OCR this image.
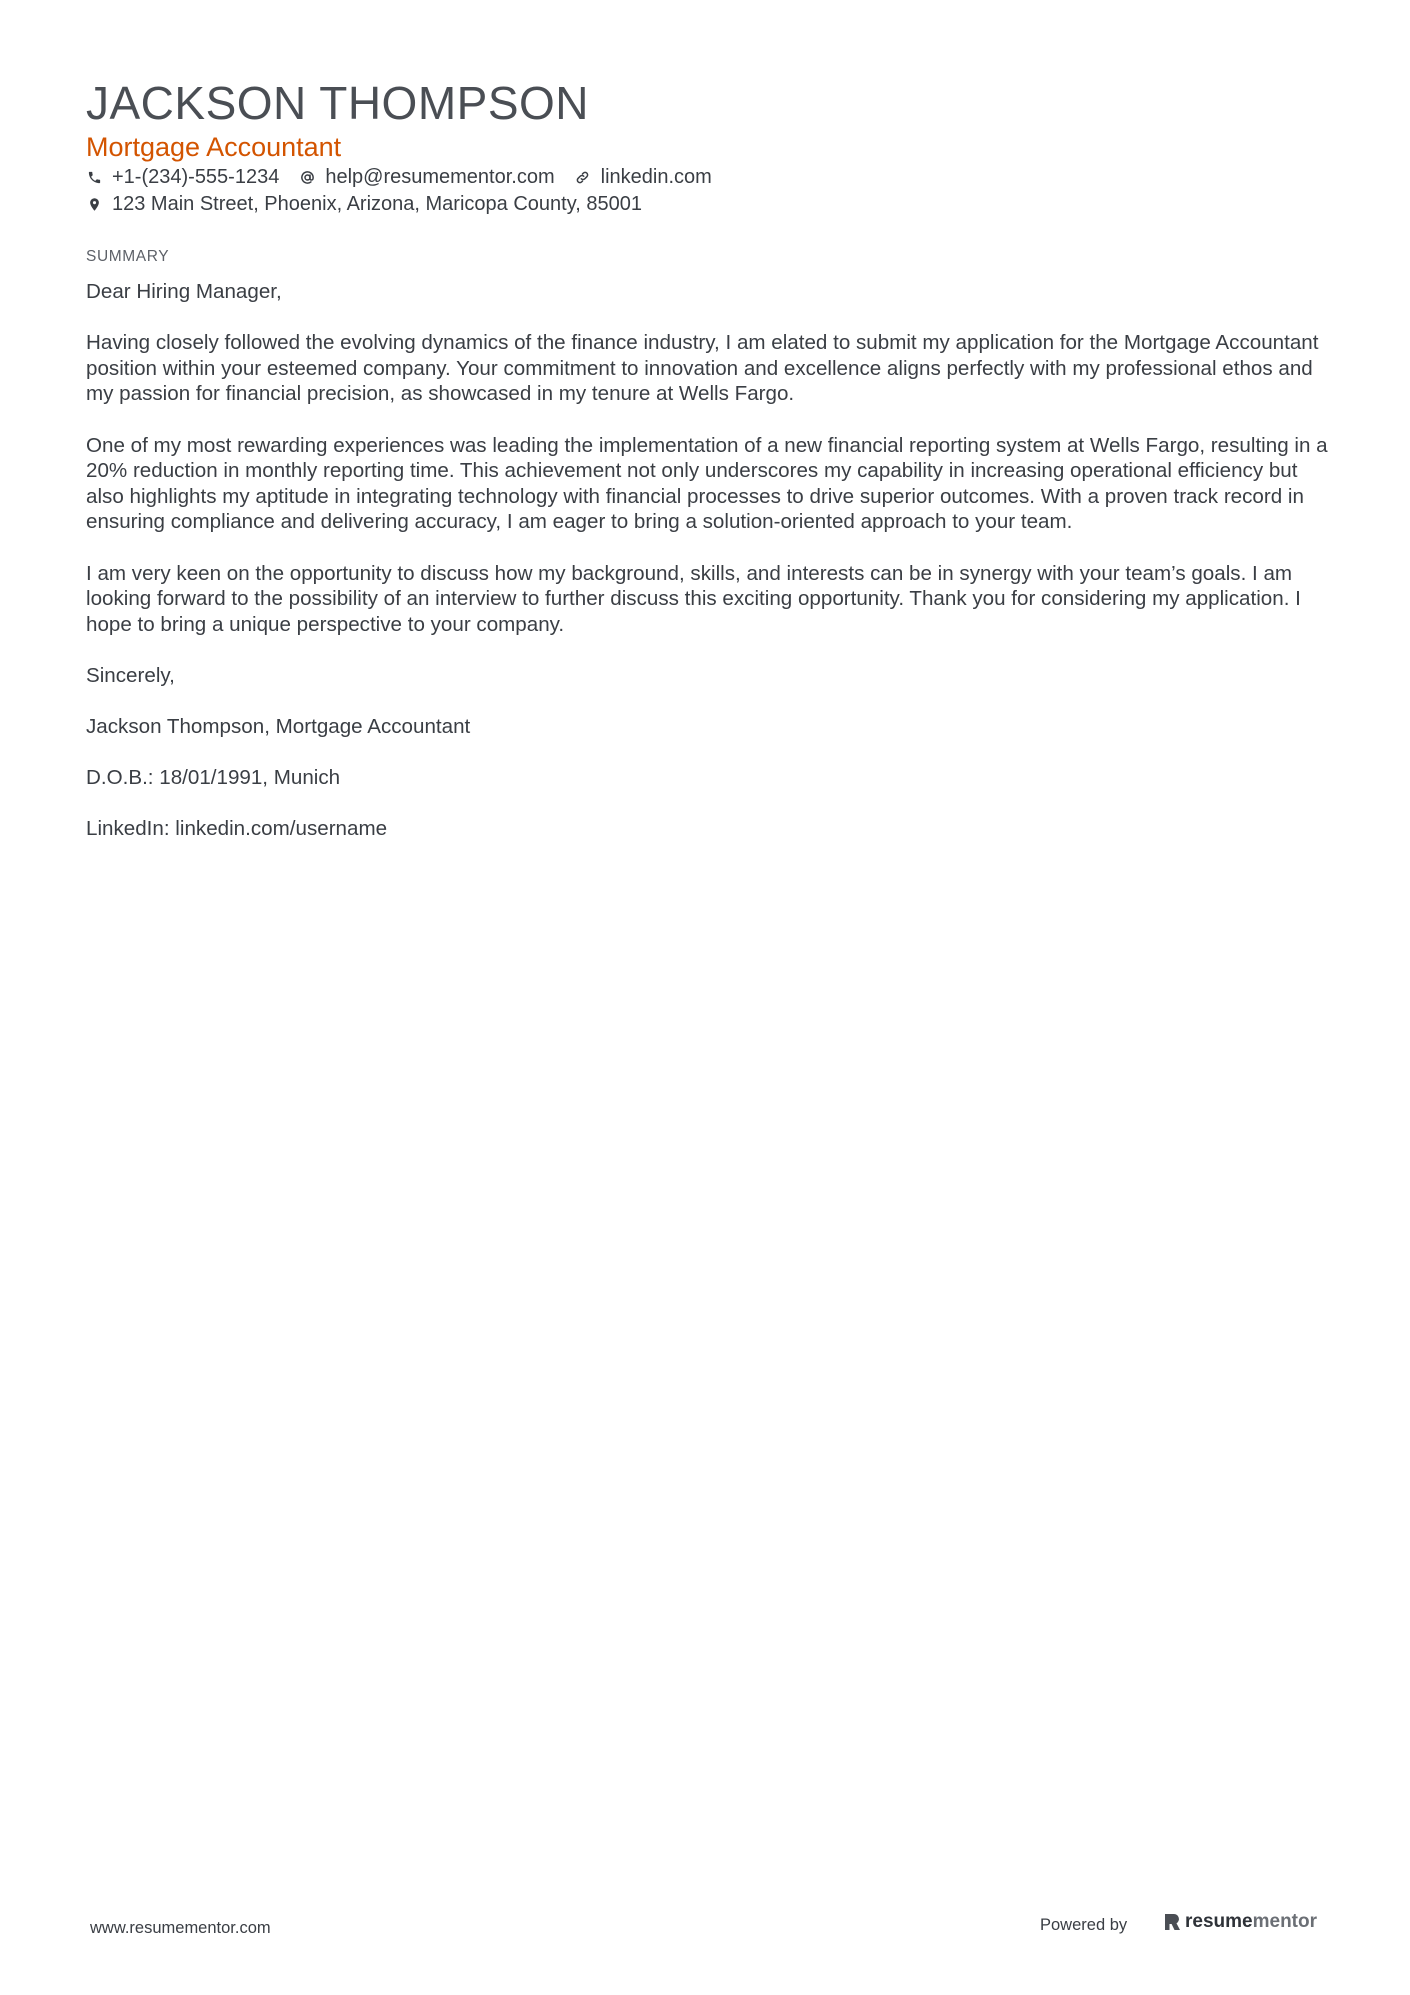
JACKSON THOMPSON
Mortgage Accountant
+1-(234)-555-1234 help@resumementor.com linkedin.com
123 Main Street, Phoenix, Arizona, Maricopa County, 85001
SUMMARY

Dear Hiring Manager,

Having closely followed the evolving dynamics of the finance industry, I am elated to submit my application for the Mortgage Accountant position within your esteemed company. Your commitment to innovation and excellence aligns perfectly with my professional ethos and my passion for financial precision, as showcased in my tenure at Wells Fargo.

One of my most rewarding experiences was leading the implementation of a new financial reporting system at Wells Fargo, resulting in a 20% reduction in monthly reporting time. This achievement not only underscores my capability in increasing operational efficiency but also highlights my aptitude in integrating technology with financial processes to drive superior outcomes. With a proven track record in ensuring compliance and delivering accuracy, I am eager to bring a solution-oriented approach to your team.

I am very keen on the opportunity to discuss how my background, skills, and interests can be in synergy with your team’s goals. I am looking forward to the possibility of an interview to further discuss this exciting opportunity. Thank you for considering my application. I hope to bring a unique perspective to your company.

Sincerely,

Jackson Thompson, Mortgage Accountant

D.O.B.: 18/01/1991, Munich

LinkedIn: linkedin.com/username

www.resumementor.com	Powered by	resume mentor
